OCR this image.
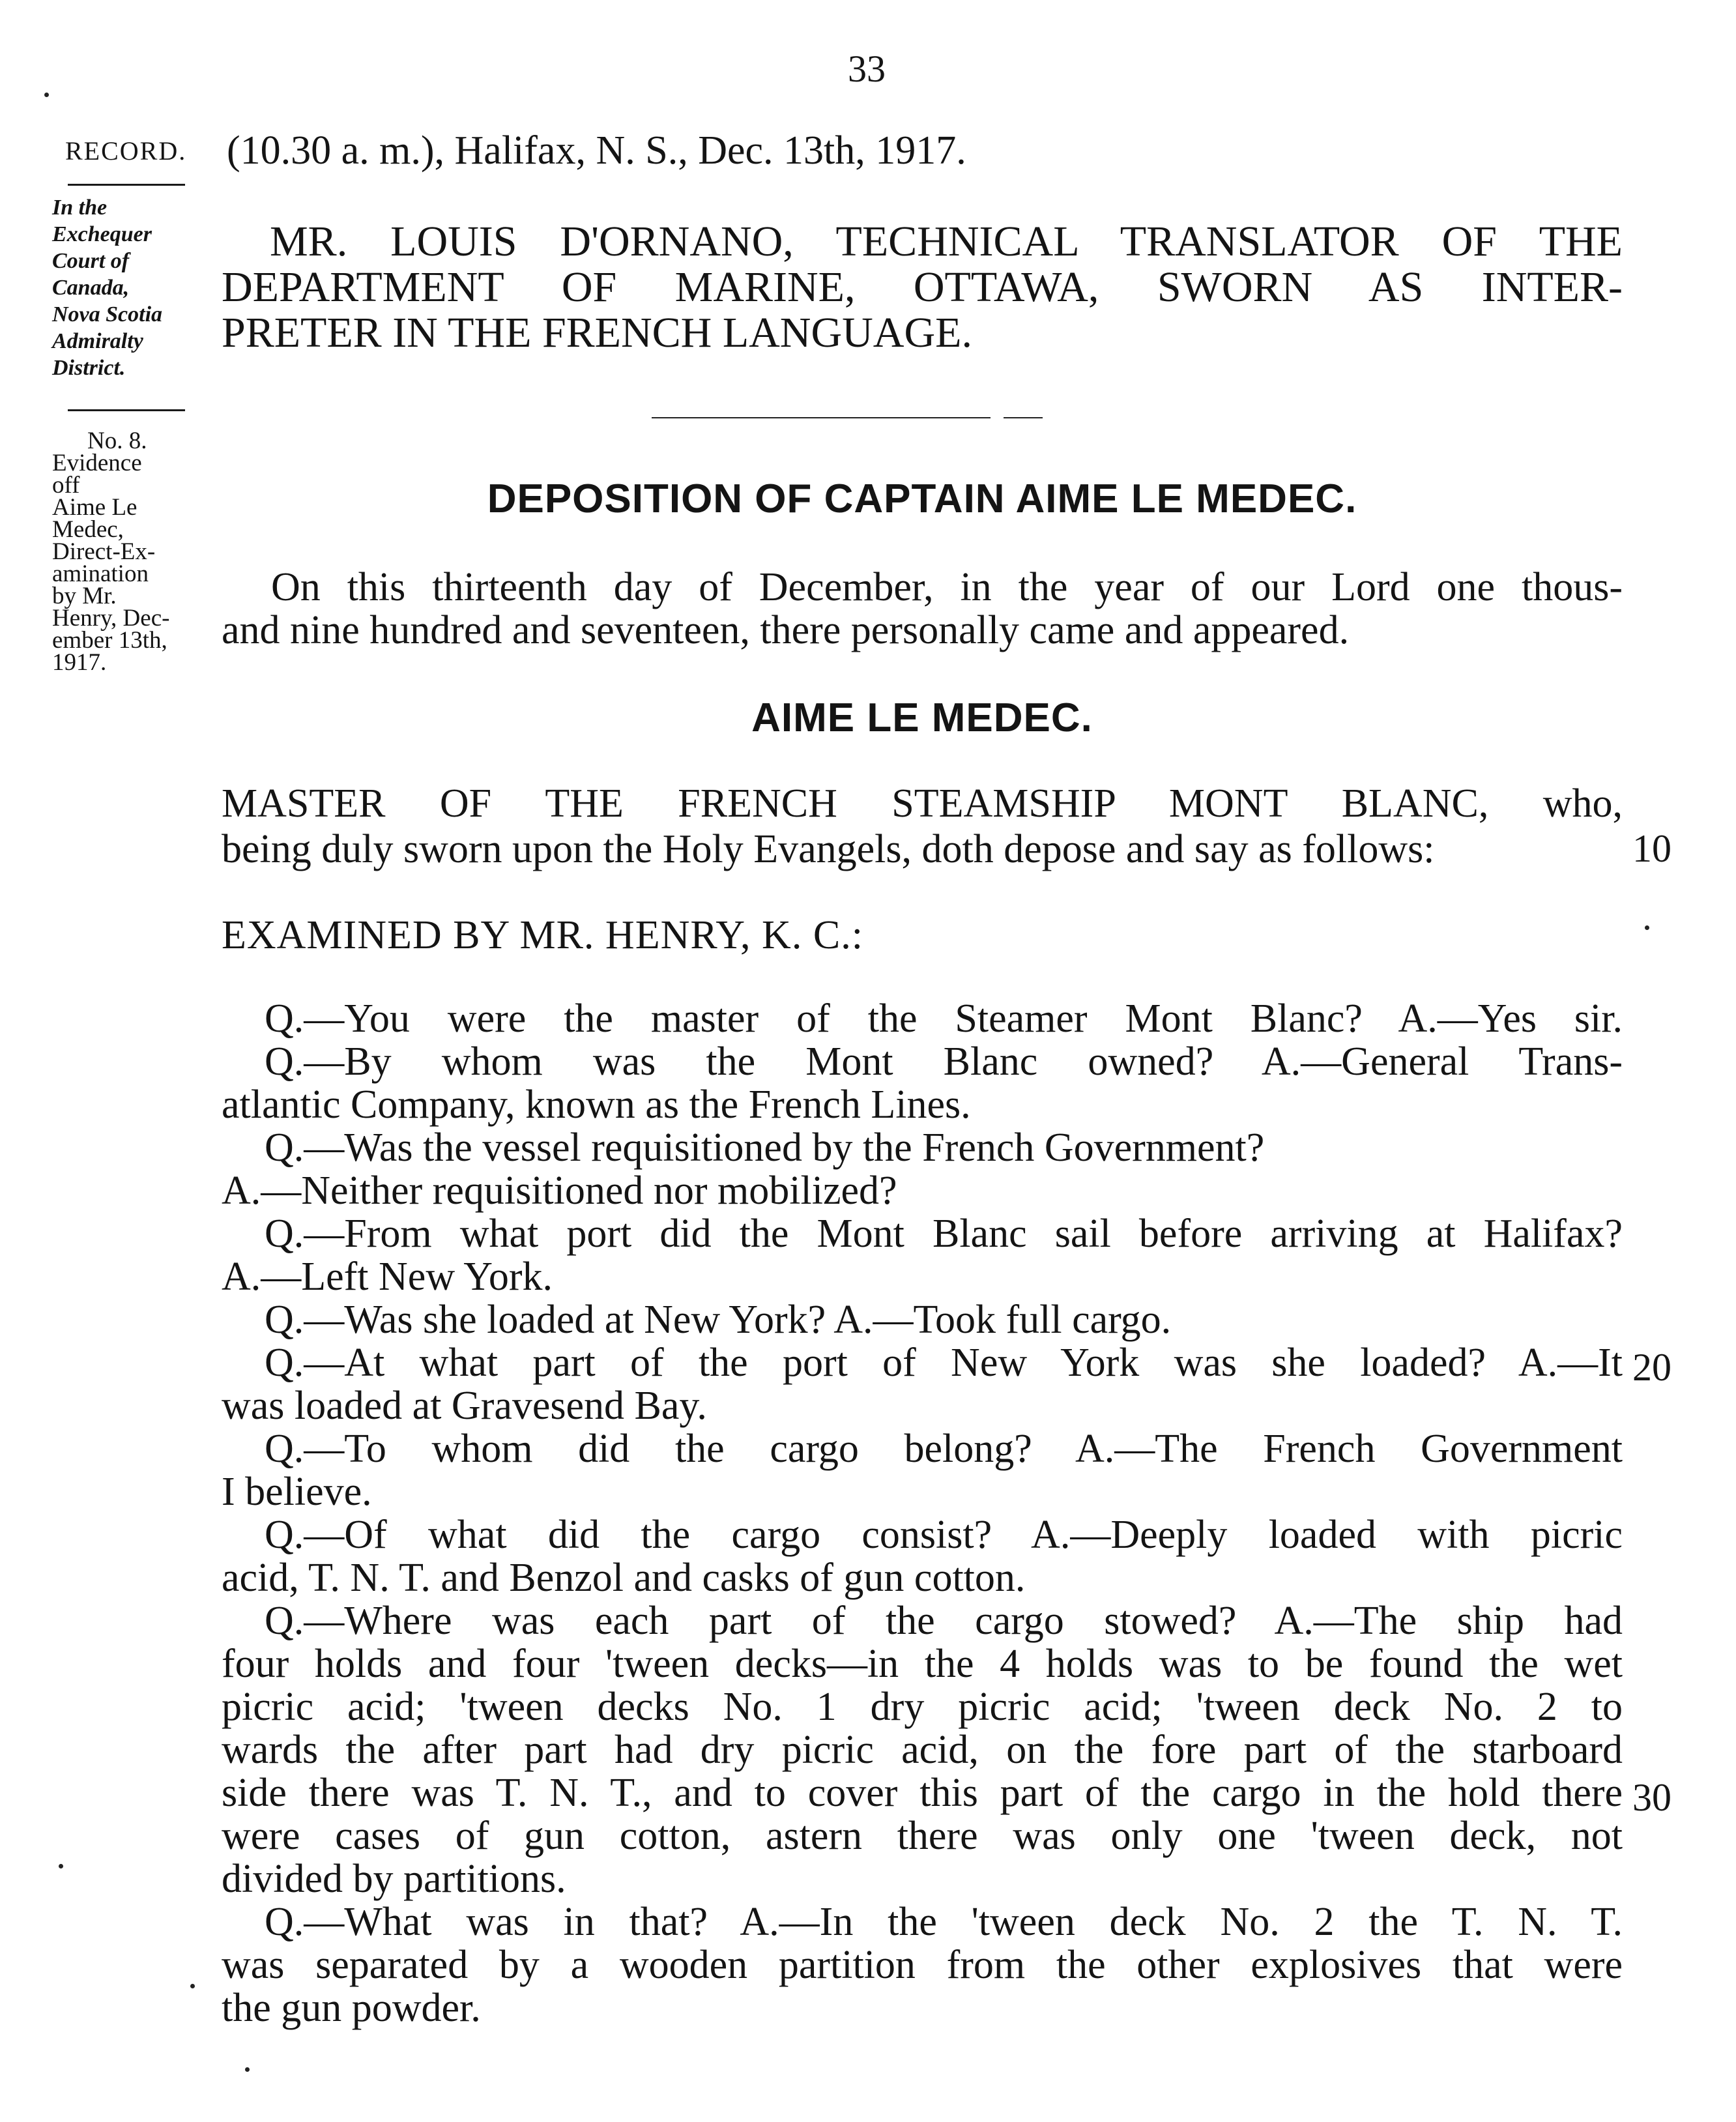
33
RECORD. (10.30 a. m.), Halifax, N. S., Dec. 13th, 1917.
In the
Exchequer
Court of
Canada,
Nova Scotia
Admiralty
District.
No. 8.
Evidence
off
Aime Le
Medec,
Direct-Ex-
amination
by Mr.
Henry, Dec-
ember 13th,
1917.
MR. LOUIS D'ORNANO, TECHNICAL TRANSLATOR OF THE
DEPARTMENT OF MARINE, OTTAWA, SWORN AS INTER-
PRETER IN THE FRENCH LANGUAGE.
DEPOSITION OF CAPTAIN AIME LE MEDEC.
On this thirteenth day of December, in the year of our Lord one thous-
and nine hundred and seventeen, there personally came and appeared.
AIME LE MEDEC.
MASTER OF THE FRENCH STEAMSHIP MONT BLANC, who,
being duly sworn upon the Holy Evangels, doth depose and say as follows:
EXAMINED BY MR. HENRY, K. C.:
Q.—You were the master of the Steamer Mont Blanc? A.—Yes sir.
Q.—By whom was the Mont Blanc owned? A.—General Trans-
atlantic Company, known as the French Lines.
Q.—Was the vessel requisitioned by the French Government?
A.—Neither requisitioned nor mobilized?
Q.—From what port did the Mont Blanc sail before arriving at Halifax?
A.—Left New York.
Q.—Was she loaded at New York? A.—Took full cargo.
Q.—At what part of the port of New York was she loaded? A.—It
was loaded at Gravesend Bay.
Q.—To whom did the cargo belong? A.—The French Government
I believe.
Q.—Of what did the cargo consist? A.—Deeply loaded with picric
acid, T. N. T. and Benzol and casks of gun cotton.
Q.—Where was each part of the cargo stowed? A.—The ship had
four holds and four 'tween decks—in the 4 holds was to be found the wet
picric acid; 'tween decks No. 1 dry picric acid; 'tween deck No. 2 to
wards the after part had dry picric acid, on the fore part of the starboard
side there was T. N. T., and to cover this part of the cargo in the hold there
were cases of gun cotton, astern there was only one 'tween deck, not
divided by partitions.
Q.—What was in that? A.—In the 'tween deck No. 2 the T. N. T.
was separated by a wooden partition from the other explosives that were
the gun powder.
10
20
30
